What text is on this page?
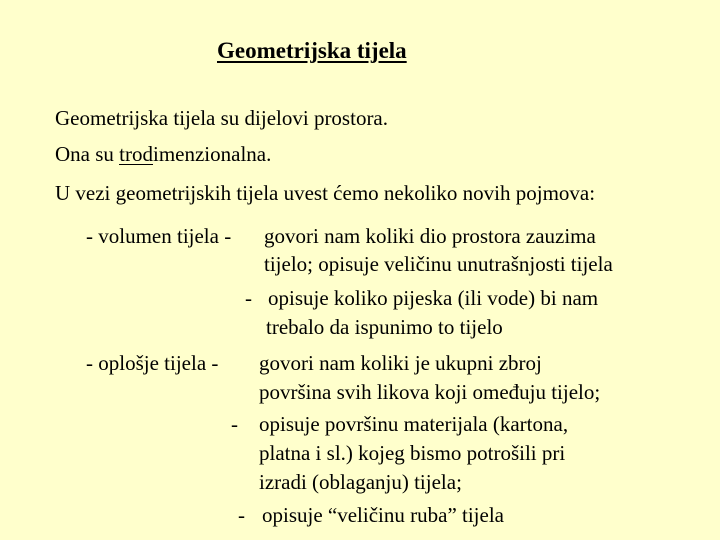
Geometrijska tijela
Geometrijska tijela su dijelovi prostora.
Ona su trodimenzionalna.
U vezi geometrijskih tijela uvest ćemo nekoliko novih pojmova:
- volumen tijela - govori nam koliki dio prostora zauzima
tijelo; opisuje veličinu unutrašnjosti tijela
- opisuje koliko pijeska (ili vode) bi nam
trebalo da ispunimo to tijelo
- oplošje tijela - govori nam koliki je ukupni zbroj
površina svih likova koji omeđuju tijelo;
- opisuje površinu materijala (kartona,
platna i sl.) kojeg bismo potrošili pri
izradi (oblaganju) tijela;
- opisuje “veličinu ruba” tijela
